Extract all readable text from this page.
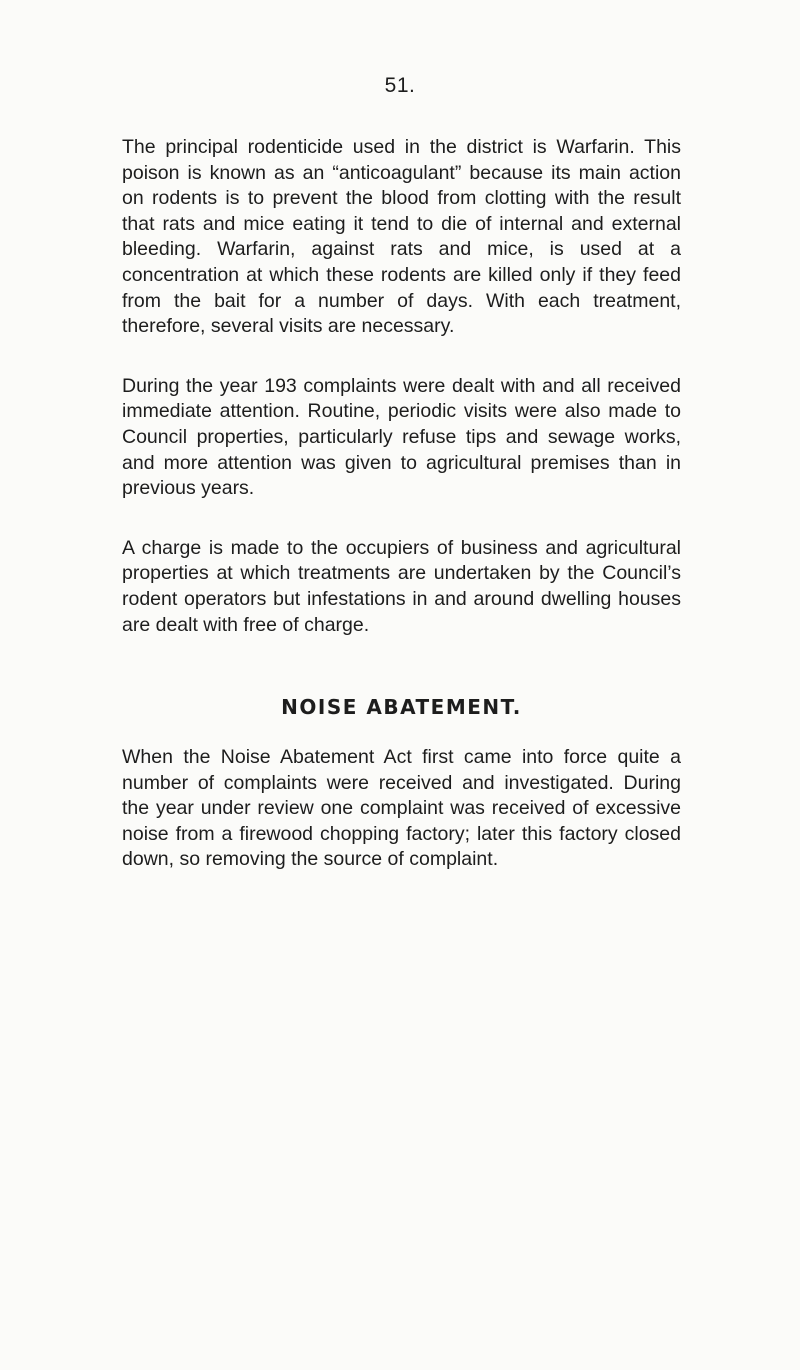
51.

The principal rodenticide used in the district is Warfarin. This poison is known as an “anticoagulant” because its main action on rodents is to prevent the blood from clotting with the result that rats and mice eating it tend to die of internal and external bleeding. Warfarin, against rats and mice, is used at a concentration at which these rodents are killed only if they feed from the bait for a number of days. With each treatment, therefore, several visits are necessary.

During the year 193 complaints were dealt with and all received immediate attention. Routine, periodic visits were also made to Council properties, particularly refuse tips and sewage works, and more attention was given to agricultural premises than in previous years.

A charge is made to the occupiers of business and agricultural properties at which treatments are undertaken by the Council’s rodent operators but infestations in and around dwelling houses are dealt with free of charge.

NOISE ABATEMENT.

When the Noise Abatement Act first came into force quite a number of complaints were received and investigated. During the year under review one complaint was received of excessive noise from a firewood chopping factory; later this factory closed down, so removing the source of complaint.
